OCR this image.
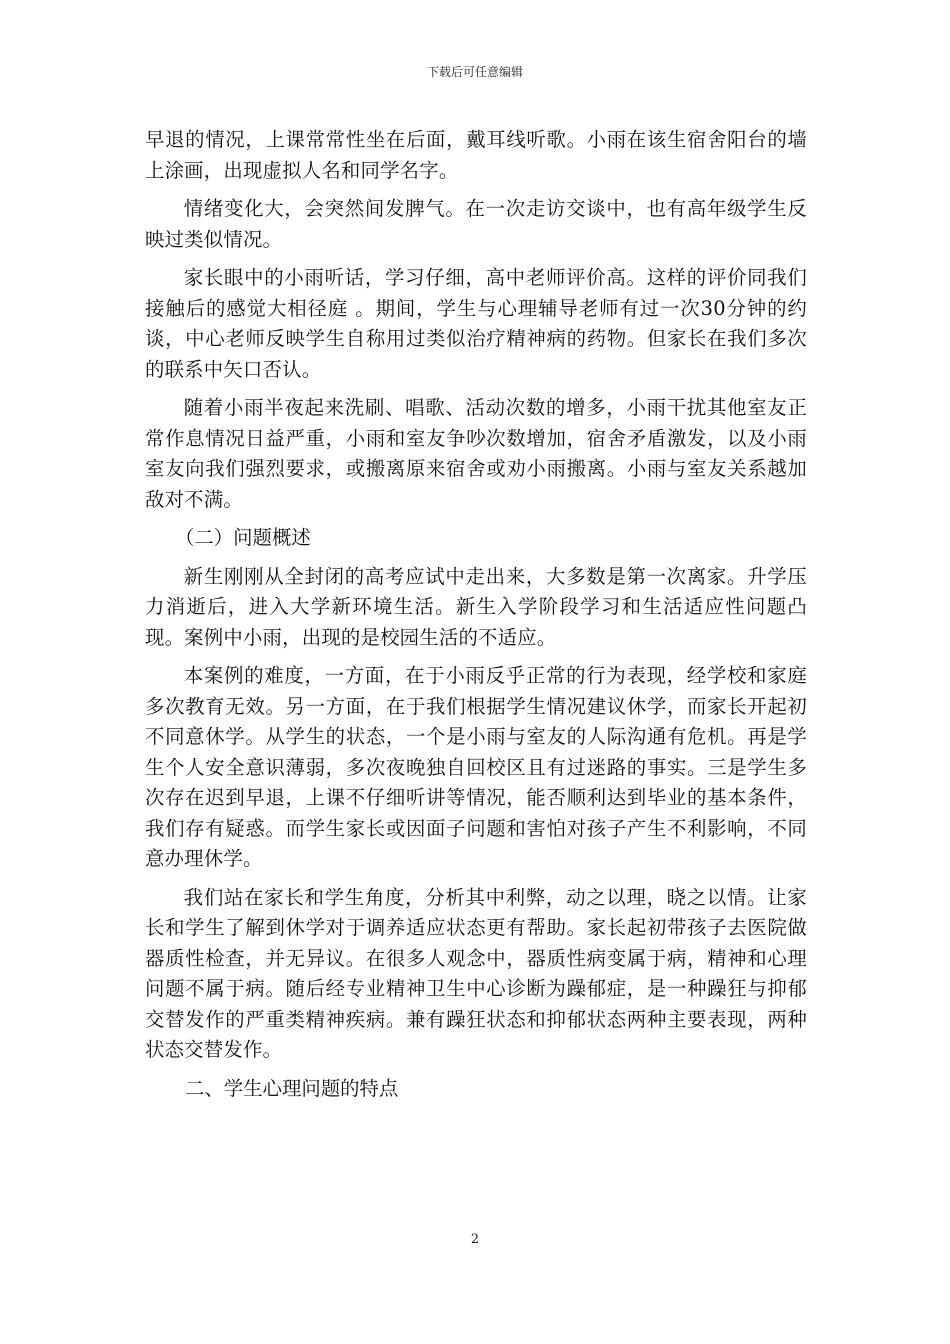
下载后可任意编辑

早退的情况，上课常常性坐在后面，戴耳线听歌。小雨在该生宿舍阳台的墙上涂画，出现虚拟人名和同学名字。

情绪变化大，会突然间发脾气。在一次走访交谈中，也有高年级学生反映过类似情况。

家长眼中的小雨听话，学习仔细，高中老师评价高。这样的评价同我们接触后的感觉大相径庭 。期间，学生与心理辅导老师有过一次30分钟的约谈，中心老师反映学生自称用过类似治疗精神病的药物。但家长在我们多次的联系中矢口否认。

随着小雨半夜起来洗刷、唱歌、活动次数的增多，小雨干扰其他室友正常作息情况日益严重，小雨和室友争吵次数增加，宿舍矛盾激发，以及小雨室友向我们强烈要求，或搬离原来宿舍或劝小雨搬离。小雨与室友关系越加敌对不满。

（二）问题概述

新生刚刚从全封闭的高考应试中走出来，大多数是第一次离家。升学压力消逝后，进入大学新环境生活。新生入学阶段学习和生活适应性问题凸现。案例中小雨，出现的是校园生活的不适应。

本案例的难度，一方面，在于小雨反乎正常的行为表现，经学校和家庭多次教育无效。另一方面，在于我们根据学生情况建议休学，而家长开起初不同意休学。从学生的状态，一个是小雨与室友的人际沟通有危机。再是学生个人安全意识薄弱，多次夜晚独自回校区且有过迷路的事实。三是学生多次存在迟到早退，上课不仔细听讲等情况，能否顺利达到毕业的基本条件，我们存有疑惑。而学生家长或因面子问题和害怕对孩子产生不利影响，不同意办理休学。

我们站在家长和学生角度，分析其中利弊，动之以理，晓之以情。让家长和学生了解到休学对于调养适应状态更有帮助。家长起初带孩子去医院做器质性检查，并无异议。在很多人观念中，器质性病变属于病，精神和心理问题不属于病。随后经专业精神卫生中心诊断为躁郁症，是一种躁狂与抑郁交替发作的严重类精神疾病。兼有躁狂状态和抑郁状态两种主要表现，两种状态交替发作。

二、学生心理问题的特点

2
